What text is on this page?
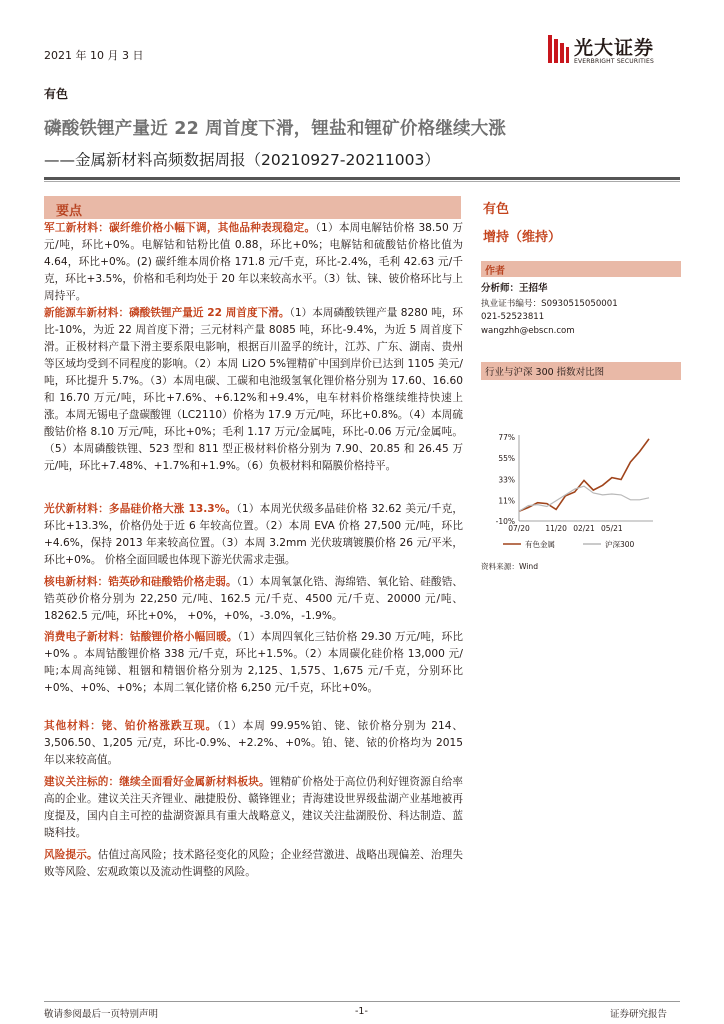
2021 年 10 月 3 日	光大证券
EVERBRIGHT SECURITIES
有色
磷酸铁锂产量近 22 周首度下滑，锂盐和锂矿价格继续大涨
——金属新材料高频数据周报（20210927-20211003）
要点
军工新材料：碳纤维价格小幅下调，其他品种表现稳定。（1）本周电解钴价格 38.50 万元/吨，环比+0%。电解钴和钴粉比值 0.88，环比+0%；电解钴和硫酸钴价格比值为 4.64，环比+0%。(2) 碳纤维本周价格 171.8 元/千克，环比-2.4%，毛利 42.63 元/千克，环比+3.5%，价格和毛利均处于 20 年以来较高水平。（3）钛、铼、铍价格环比与上周持平。
新能源车新材料：磷酸铁锂产量近 22 周首度下滑。（1）本周磷酸铁锂产量 8280 吨，环比-10%，为近 22 周首度下滑；三元材料产量 8085 吨，环比-9.4%，为近 5 周首度下滑。正极材料产量下滑主要系限电影响，根据百川盈孚的统计，江苏、广东、湖南、贵州等区域均受到不同程度的影响。（2）本周 Li2O 5%锂精矿中国到岸价已达到 1105 美元/吨，环比提升 5.7%。（3）本周电碳、工碳和电池级氢氧化锂价格分别为 17.60、16.60 和 16.70 万元/吨，环比+7.6%、+6.12%和+9.4%，电车材料价格继续维持快速上涨。本周无锡电子盘碳酸锂（LC2110）价格为 17.9 万元/吨，环比+0.8%。（4）本周硫酸钴价格 8.10 万元/吨，环比+0%；毛利 1.17 万元/金属吨，环比-0.06 万元/金属吨。（5）本周磷酸铁锂、523 型和 811 型正极材料价格分别为 7.90、20.85 和 26.45 万元/吨，环比+7.48%、+1.7%和+1.9%。（6）负极材料和隔膜价格持平。
光伏新材料：多晶硅价格大涨 13.3%。（1）本周光伏级多晶硅价格 32.62 美元/千克，环比+13.3%，价格仍处于近 6 年较高位置。（2）本周 EVA 价格 27,500 元/吨，环比+4.6%，保持 2013 年来较高位置。（3）本周 3.2mm 光伏玻璃镀膜价格 26 元/平米，环比+0%。 价格全面回暖也体现下游光伏需求走强。
核电新材料：锆英砂和硅酸锆价格走弱。（1）本周氧氯化锆、海绵锆、氧化铪、硅酸锆、锆英砂价格分别为 22,250 元/吨、162.5 元/千克、4500 元/千克、20000 元/吨、18262.5 元/吨，环比+0%， +0%，+0%，-3.0%，-1.9%。
消费电子新材料：钴酸锂价格小幅回暖。（1）本周四氧化三钴价格 29.30 万元/吨，环比+0% 。本周钴酸锂价格 338 元/千克，环比+1.5%。（2）本周碳化硅价格 13,000 元/吨;本周高纯锑、粗铟和精铟价格分别为 2,125、1,575、1,675 元/千克，分别环比+0%、+0%、+0%；本周二氧化锗价格 6,250 元/千克，环比+0%。
其他材料：铑、铂价格涨跌互现。（1）本周 99.95%铂、铑、铱价格分别为 214、3,506.50、1,205 元/克，环比-0.9%、+2.2%、+0%。铂、铑、铱的价格均为 2015 年以来较高值。
建议关注标的：继续全面看好金属新材料板块。锂精矿价格处于高位仍利好锂资源自给率高的企业。建议关注天齐锂业、融捷股份、赣锋锂业；青海建设世界级盐湖产业基地被再度提及，国内自主可控的盐湖资源具有重大战略意义，建议关注盐湖股份、科达制造、蓝晓科技。
风险提示。估值过高风险；技术路径变化的风险；企业经营激进、战略出现偏差、治理失败等风险、宏观政策以及流动性调整的风险。
有色
增持（维持）
作者
分析师：王招华
执业证书编号：S0930515050001
021-52523811
wangzhh@ebscn.com
行业与沪深 300 指数对比图
77%
55%
33%
11%
-10%
07/20 11/20 02/21 05/21
有色金属	沪深300
资料来源：Wind
敬请参阅最后一页特别声明	-1-	证券研究报告
